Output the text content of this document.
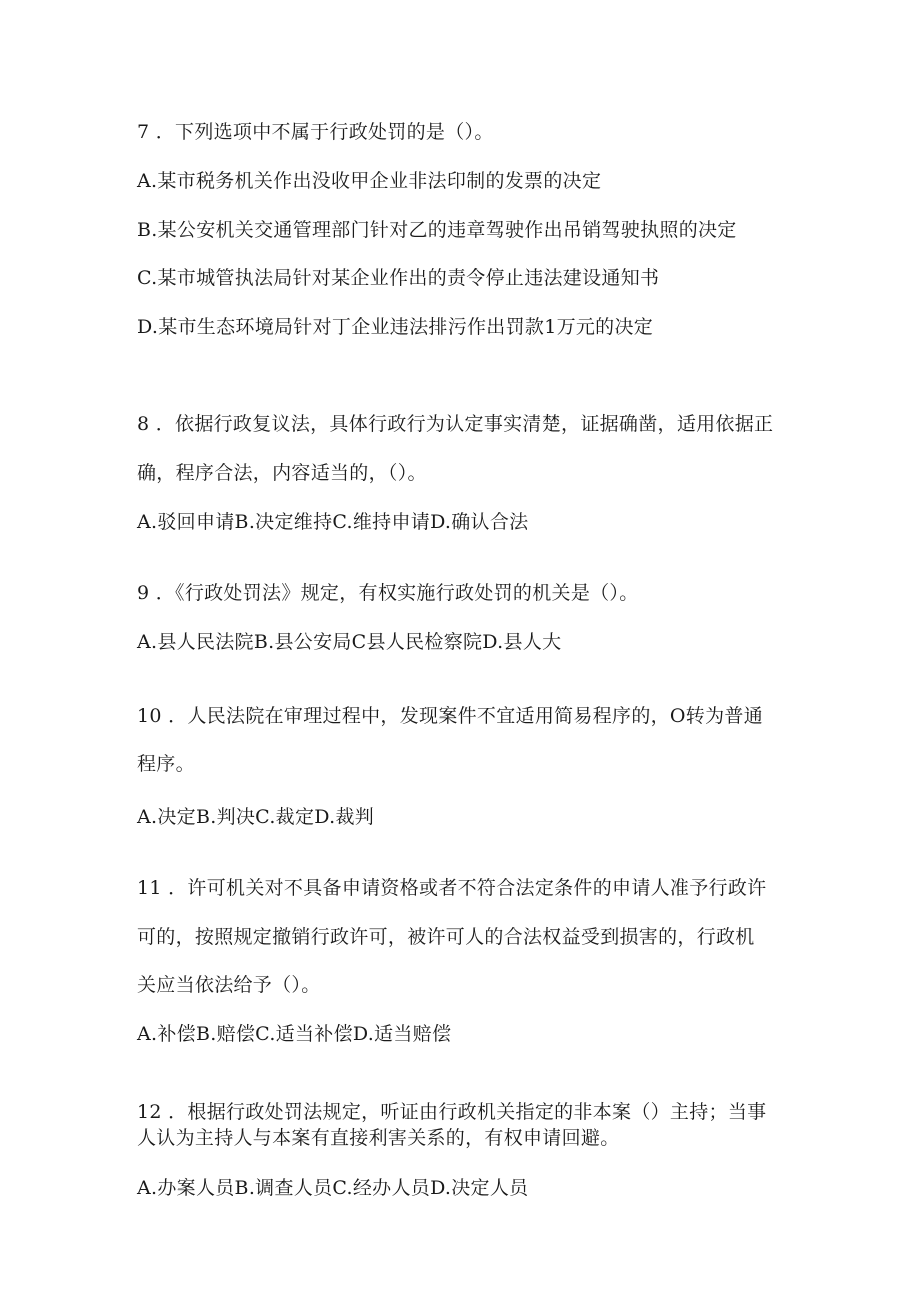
7 ．下列选项中不属于行政处罚的是（）。
A.某市税务机关作出没收甲企业非法印制的发票的决定
B.某公安机关交通管理部门针对乙的违章驾驶作出吊销驾驶执照的决定
C.某市城管执法局针对某企业作出的责令停止违法建设通知书
D.某市生态环境局针对丁企业违法排污作出罚款1万元的决定
8 ．依据行政复议法，具体行政行为认定事实清楚，证据确凿，适用依据正
确，程序合法，内容适当的，（）。
A.驳回申请B.决定维持C.维持申请D.确认合法
9 ．《行政处罚法》规定，有权实施行政处罚的机关是（）。
A.县人民法院B.县公安局C县人民检察院D.县人大
10 ．人民法院在审理过程中，发现案件不宜适用简易程序的，O转为普通
程序。
A.决定B.判决C.裁定D.裁判
11 ．许可机关对不具备申请资格或者不符合法定条件的申请人准予行政许
可的，按照规定撤销行政许可，被许可人的合法权益受到损害的，行政机
关应当依法给予（）。
A.补偿B.赔偿C.适当补偿D.适当赔偿
12 ．根据行政处罚法规定，听证由行政机关指定的非本案（）主持；当事
人认为主持人与本案有直接利害关系的，有权申请回避。
A.办案人员B.调查人员C.经办人员D.决定人员
